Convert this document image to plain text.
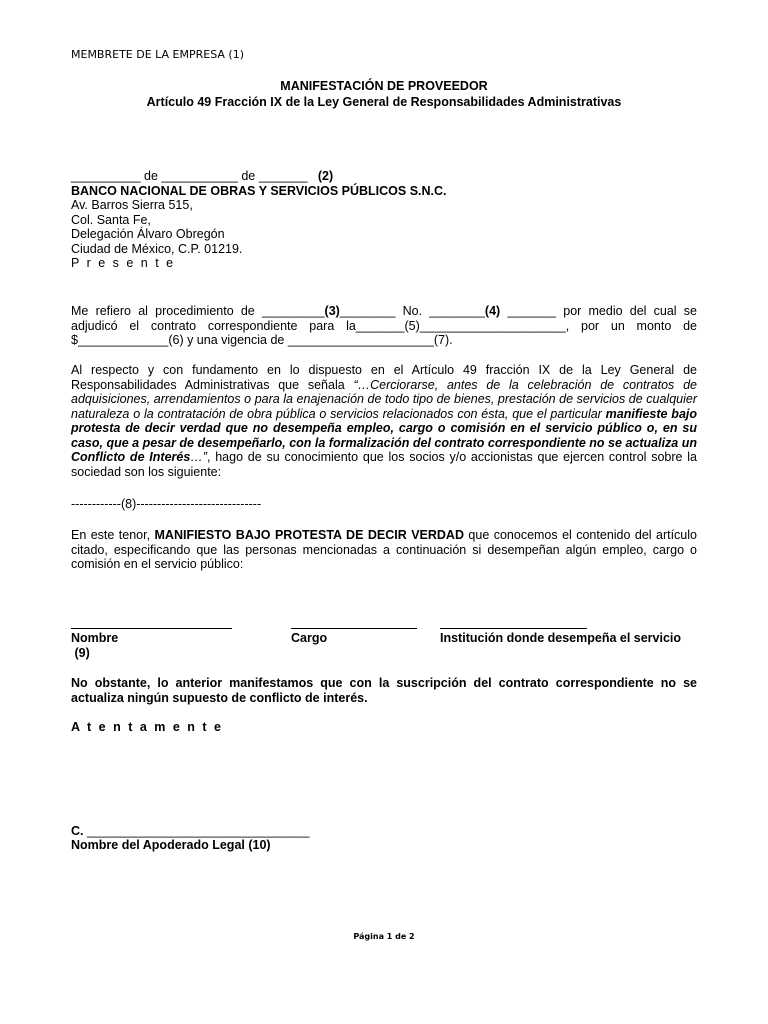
MEMBRETE DE LA EMPRESA (1)
MANIFESTACIÓN DE PROVEEDOR
Artículo 49 Fracción IX de la Ley General de Responsabilidades Administrativas
__________ de ___________ de _______ (2)
BANCO NACIONAL DE OBRAS Y SERVICIOS PÚBLICOS S.N.C.
Av. Barros Sierra 515,
Col. Santa Fe,
Delegación Álvaro Obregón
Ciudad de México, C.P. 01219.
P r e s e n t e
Me refiero al procedimiento de _________(3)________ No. ________(4) _______ por medio del cual se adjudicó el contrato correspondiente para la_______(5)_____________________, por un monto de $_____________(6) y una vigencia de _____________________(7).
Al respecto y con fundamento en lo dispuesto en el Artículo 49 fracción IX de la Ley General de Responsabilidades Administrativas que señala “…Cerciorarse, antes de la celebración de contratos de adquisiciones, arrendamientos o para la enajenación de todo tipo de bienes, prestación de servicios de cualquier naturaleza o la contratación de obra pública o servicios relacionados con ésta, que el particular manifieste bajo protesta de decir verdad que no desempeña empleo, cargo o comisión en el servicio público o, en su caso, que a pesar de desempeñarlo, con la formalización del contrato correspondiente no se actualiza un Conflicto de Interés…”, hago de su conocimiento que los socios y/o accionistas que ejercen control sobre la sociedad son los siguiente:
------------(8)------------------------------
En este tenor, MANIFIESTO BAJO PROTESTA DE DECIR VERDAD que conocemos el contenido del artículo citado, especificando que las personas mencionadas a continuación si desempeñan algún empleo, cargo o comisión en el servicio público:
Nombre	Cargo	Institución donde desempeña el servicio
(9)
No obstante, lo anterior manifestamos que con la suscripción del contrato correspondiente no se actualiza ningún supuesto de conflicto de interés.
A t e n t a m e n t e
C. ________________________________
Nombre del Apoderado Legal (10)
Página 1 de 2
